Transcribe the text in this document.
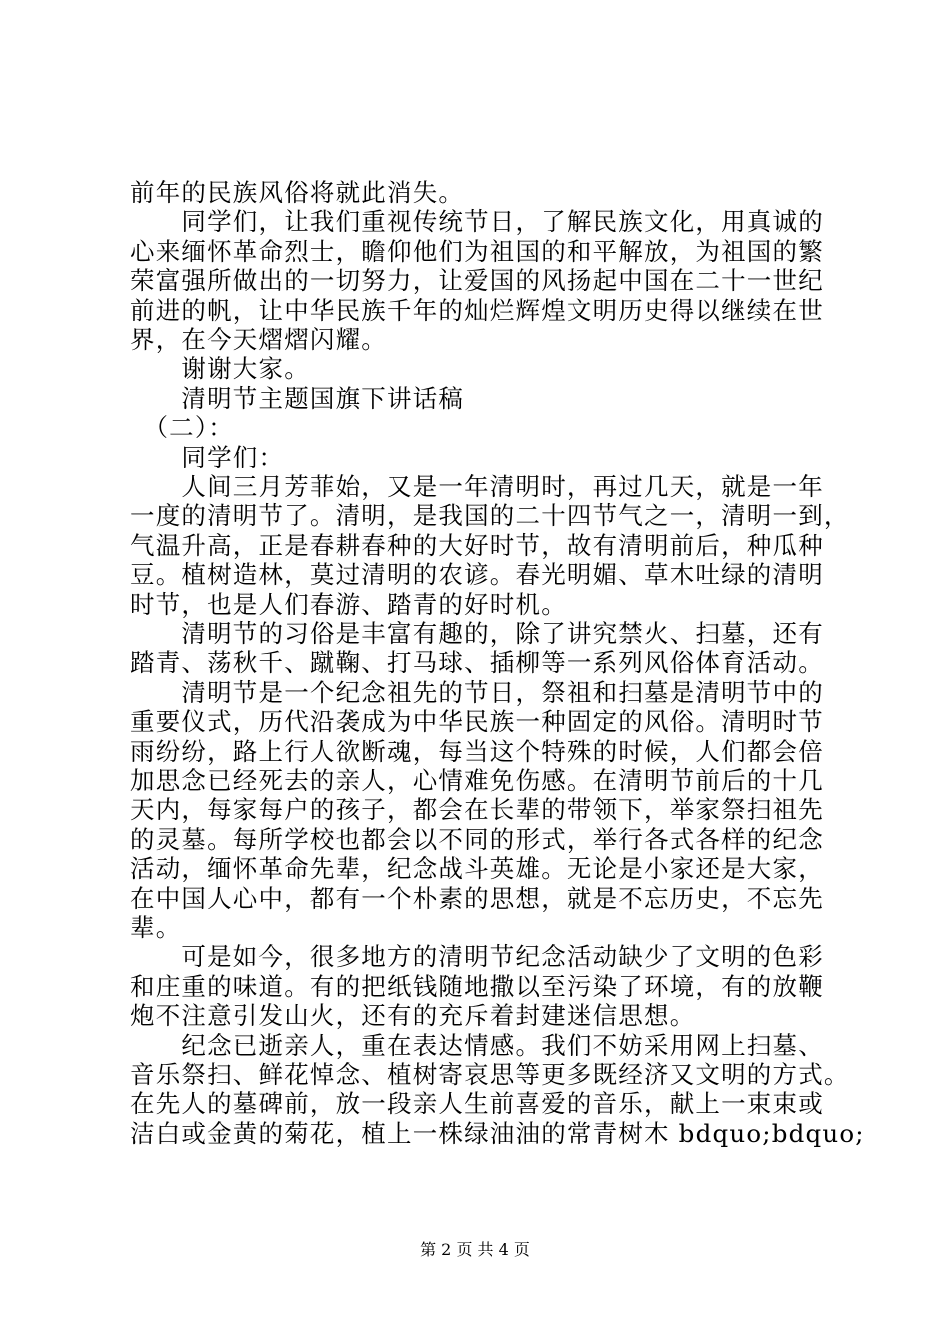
前年的民族风俗将就此消失。
　　同学们，让我们重视传统节日，了解民族文化，用真诚的
心来缅怀革命烈士，瞻仰他们为祖国的和平解放，为祖国的繁
荣富强所做出的一切努力，让爱国的风扬起中国在二十一世纪
前进的帆，让中华民族千年的灿烂辉煌文明历史得以继续在世
界，在今天熠熠闪耀。
　　谢谢大家。
　　清明节主题国旗下讲话稿
　（二）：
　　同学们：
　　人间三月芳菲始，又是一年清明时，再过几天，就是一年
一度的清明节了。清明，是我国的二十四节气之一，清明一到，
气温升高，正是春耕春种的大好时节，故有清明前后，种瓜种
豆。植树造林，莫过清明的农谚。春光明媚、草木吐绿的清明
时节，也是人们春游、踏青的好时机。
　　清明节的习俗是丰富有趣的，除了讲究禁火、扫墓，还有
踏青、荡秋千、蹴鞠、打马球、插柳等一系列风俗体育活动。
　　清明节是一个纪念祖先的节日，祭祖和扫墓是清明节中的
重要仪式，历代沿袭成为中华民族一种固定的风俗。清明时节
雨纷纷，路上行人欲断魂，每当这个特殊的时候，人们都会倍
加思念已经死去的亲人，心情难免伤感。在清明节前后的十几
天内，每家每户的孩子，都会在长辈的带领下，举家祭扫祖先
的灵墓。每所学校也都会以不同的形式，举行各式各样的纪念
活动，缅怀革命先辈，纪念战斗英雄。无论是小家还是大家，
在中国人心中，都有一个朴素的思想，就是不忘历史，不忘先
辈。
　　可是如今，很多地方的清明节纪念活动缺少了文明的色彩
和庄重的味道。有的把纸钱随地撒以至污染了环境，有的放鞭
炮不注意引发山火，还有的充斥着封建迷信思想。
　　纪念已逝亲人，重在表达情感。我们不妨采用网上扫墓、
音乐祭扫、鲜花悼念、植树寄哀思等更多既经济又文明的方式。
在先人的墓碑前，放一段亲人生前喜爱的音乐，献上一束束或
洁白或金黄的菊花，植上一株绿油油的常青树木 bdquo;bdquo;
第 2 页 共 4 页
